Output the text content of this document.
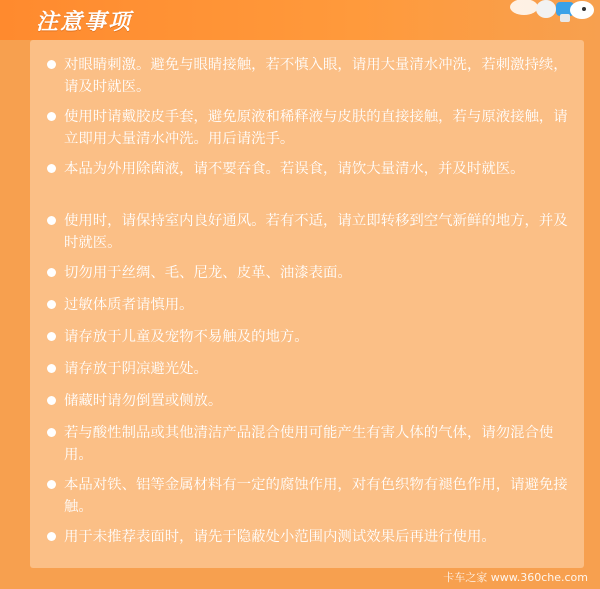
注意事项
对眼睛刺激。避免与眼睛接触，若不慎入眼，请用大量清水冲洗，若刺激持续，请及时就医。
使用时请戴胶皮手套，避免原液和稀释液与皮肤的直接接触，若与原液接触，请立即用大量清水冲洗。用后请洗手。
本品为外用除菌液，请不要吞食。若误食，请饮大量清水，并及时就医。
使用时，请保持室内良好通风。若有不适，请立即转移到空气新鲜的地方，并及时就医。
切勿用于丝绸、毛、尼龙、皮革、油漆表面。
过敏体质者请慎用。
请存放于儿童及宠物不易触及的地方。
请存放于阴凉避光处。
储藏时请勿倒置或侧放。
若与酸性制品或其他清洁产品混合使用可能产生有害人体的气体，请勿混合使用。
本品对铁、铝等金属材料有一定的腐蚀作用，对有色织物有褪色作用，请避免接触。
用于未推荐表面时，请先于隐蔽处小范围内测试效果后再进行使用。
卡车之家 www.360che.com
